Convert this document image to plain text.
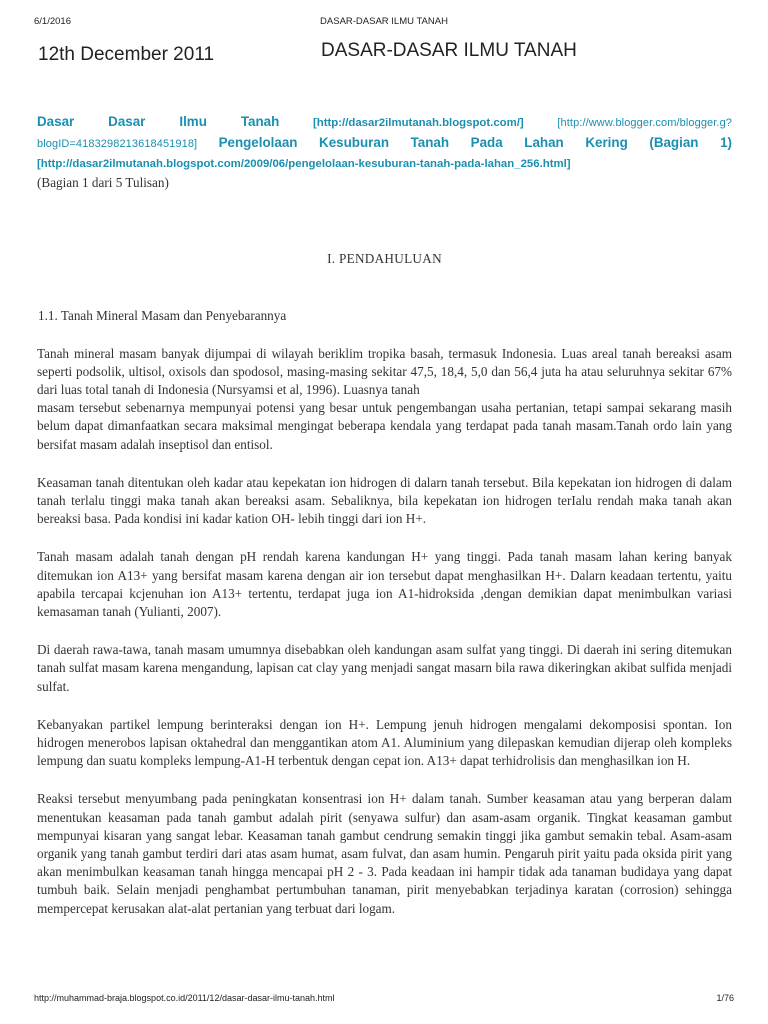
6/1/2016	DASAR-DASAR ILMU TANAH
12th December 2011	DASAR-DASAR ILMU TANAH
Dasar Dasar Ilmu Tanah	[http://dasar2ilmutanah.blogspot.com/]	[http://www.blogger.com/blogger.g?blogID=4183298213618451918] Pengelolaan Kesuburan Tanah Pada Lahan Kering (Bagian 1) [http://dasar2ilmutanah.blogspot.com/2009/06/pengelolaan-kesuburan-tanah-pada-lahan_256.html]

(Bagian 1 dari 5 Tulisan)

I. PENDAHULUAN
1.1. Tanah Mineral Masam dan Penyebarannya

Tanah mineral masam banyak dijumpai di wilayah beriklim tropika basah, termasuk Indonesia. Luas areal tanah bereaksi asam seperti podsolik, ultisol, oxisols dan spodosol, masing-masing sekitar 47,5, 18,4, 5,0 dan 56,4 juta ha atau seluruhnya sekitar 67% dari luas total tanah di Indonesia (Nursyamsi et al, 1996). Luasnya tanah

masam tersebut sebenarnya mempunyai potensi yang besar untuk pengembangan usaha pertanian, tetapi sampai sekarang masih belum dapat dimanfaatkan secara maksimal mengingat beberapa kendala yang terdapat pada tanah masam.Tanah ordo lain yang bersifat masam adalah inseptisol dan entisol.

Keasaman tanah ditentukan oleh kadar atau kepekatan ion hidrogen di dalarn tanah tersebut. Bila kepekatan ion hidrogen di dalam tanah terlalu tinggi maka tanah akan bereaksi asam. Sebaliknya, bila kepekatan ion hidrogen terIalu rendah maka tanah akan bereaksi basa. Pada kondisi ini kadar kation OH- lebih tinggi dari ion H+.

Tanah masam adalah tanah dengan pH rendah karena kandungan H+ yang tinggi. Pada tanah masam lahan kering banyak ditemukan ion A13+ yang bersifat masam karena dengan air ion tersebut dapat menghasilkan H+. Dalarn keadaan tertentu, yaitu apabila tercapai kcjenuhan ion A13+ tertentu, terdapat juga ion A1-hidroksida ,dengan demikian dapat menimbulkan variasi kemasaman tanah (Yulianti, 2007).

Di daerah rawa-tawa, tanah masam umumnya disebabkan oleh kandungan asam sulfat yang tinggi. Di daerah ini sering ditemukan tanah sulfat masam karena mengandung, lapisan cat clay yang menjadi sangat masarn bila rawa dikeringkan akibat sulfida menjadi sulfat.

Kebanyakan partikel lempung berinteraksi dengan ion H+. Lempung jenuh hidrogen mengalami dekomposisi spontan. Ion hidrogen menerobos lapisan oktahedral dan menggantikan atom A1. Aluminium yang dilepaskan kemudian dijerap oleh kompleks lempung dan suatu kompleks lempung-A1-H terbentuk dengan cepat ion. A13+ dapat terhidrolisis dan menghasilkan ion H.

Reaksi tersebut menyumbang pada peningkatan konsentrasi ion H+ dalam tanah. Sumber keasaman atau yang berperan dalam menentukan keasaman pada tanah gambut adalah pirit (senyawa sulfur) dan asam-asam organik. Tingkat keasaman gambut mempunyai kisaran yang sangat lebar. Keasaman tanah gambut cendrung semakin tinggi jika gambut semakin tebal. Asam-asam organik yang tanah gambut terdiri dari atas asam humat, asam fulvat, dan asam humin. Pengaruh pirit yaitu pada oksida pirit yang akan menimbulkan keasaman tanah hingga mencapai pH 2 - 3. Pada keadaan ini hampir tidak ada tanaman budidaya yang dapat tumbuh baik. Selain menjadi penghambat pertumbuhan tanaman, pirit menyebabkan terjadinya karatan (corrosion) sehingga mempercepat kerusakan alat-alat pertanian yang terbuat dari logam.

http://muhammad-braja.blogspot.co.id/2011/12/dasar-dasar-ilmu-tanah.html	1/76
